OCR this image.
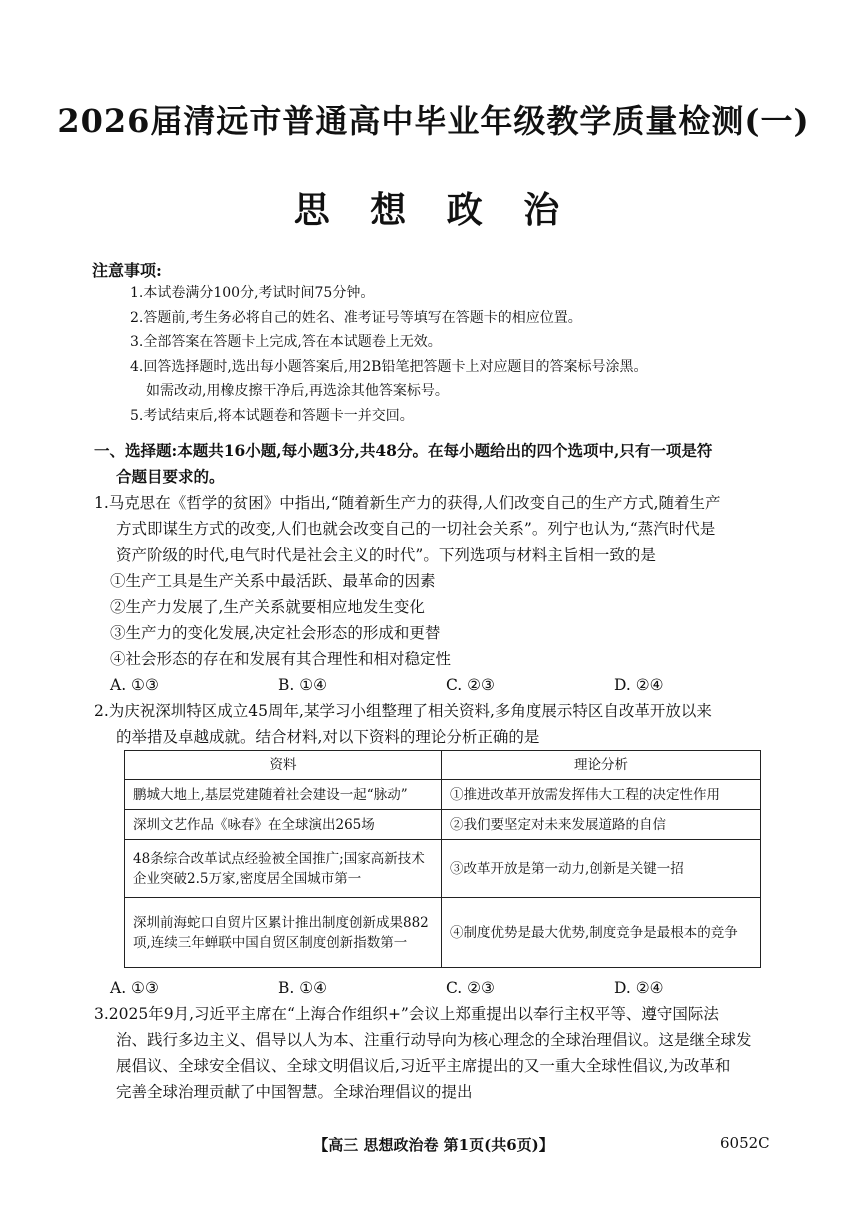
2026届清远市普通高中毕业年级教学质量检测(一)
思 想 政 治
注意事项:
1.本试卷满分100分,考试时间75分钟。
2.答题前,考生务必将自己的姓名、准考证号等填写在答题卡的相应位置。
3.全部答案在答题卡上完成,答在本试题卷上无效。
4.回答选择题时,选出每小题答案后,用2B铅笔把答题卡上对应题目的答案标号涂黑。
如需改动,用橡皮擦干净后,再选涂其他答案标号。
5.考试结束后,将本试题卷和答题卡一并交回。
一、选择题:本题共16小题,每小题3分,共48分。在每小题给出的四个选项中,只有一项是符
合题目要求的。
1.马克思在《哲学的贫困》中指出,“随着新生产力的获得,人们改变自己的生产方式,随着生产
方式即谋生方式的改变,人们也就会改变自己的一切社会关系”。列宁也认为,“蒸汽时代是
资产阶级的时代,电气时代是社会主义的时代”。下列选项与材料主旨相一致的是
①生产工具是生产关系中最活跃、最革命的因素
②生产力发展了,生产关系就要相应地发生变化
③生产力的变化发展,决定社会形态的形成和更替
④社会形态的存在和发展有其合理性和相对稳定性
A. ①③	B. ①④	C. ②③	D. ②④
2.为庆祝深圳特区成立45周年,某学习小组整理了相关资料,多角度展示特区自改革开放以来
的举措及卓越成就。结合材料,对以下资料的理论分析正确的是
资料	理论分析
鹏城大地上,基层党建随着社会建设一起“脉动”	①推进改革开放需发挥伟大工程的决定性作用
深圳文艺作品《咏春》在全球演出265场	②我们要坚定对未来发展道路的自信
48条综合改革试点经验被全国推广;国家高新技术企业突破2.5万家,密度居全国城市第一	③改革开放是第一动力,创新是关键一招
深圳前海蛇口自贸片区累计推出制度创新成果882项,连续三年蝉联中国自贸区制度创新指数第一	④制度优势是最大优势,制度竞争是最根本的竞争
A. ①③	B. ①④	C. ②③	D. ②④
3.2025年9月,习近平主席在“上海合作组织+”会议上郑重提出以奉行主权平等、遵守国际法
治、践行多边主义、倡导以人为本、注重行动导向为核心理念的全球治理倡议。这是继全球发
展倡议、全球安全倡议、全球文明倡议后,习近平主席提出的又一重大全球性倡议,为改革和
完善全球治理贡献了中国智慧。全球治理倡议的提出
【高三 思想政治卷 第1页(共6页)】	6052C
